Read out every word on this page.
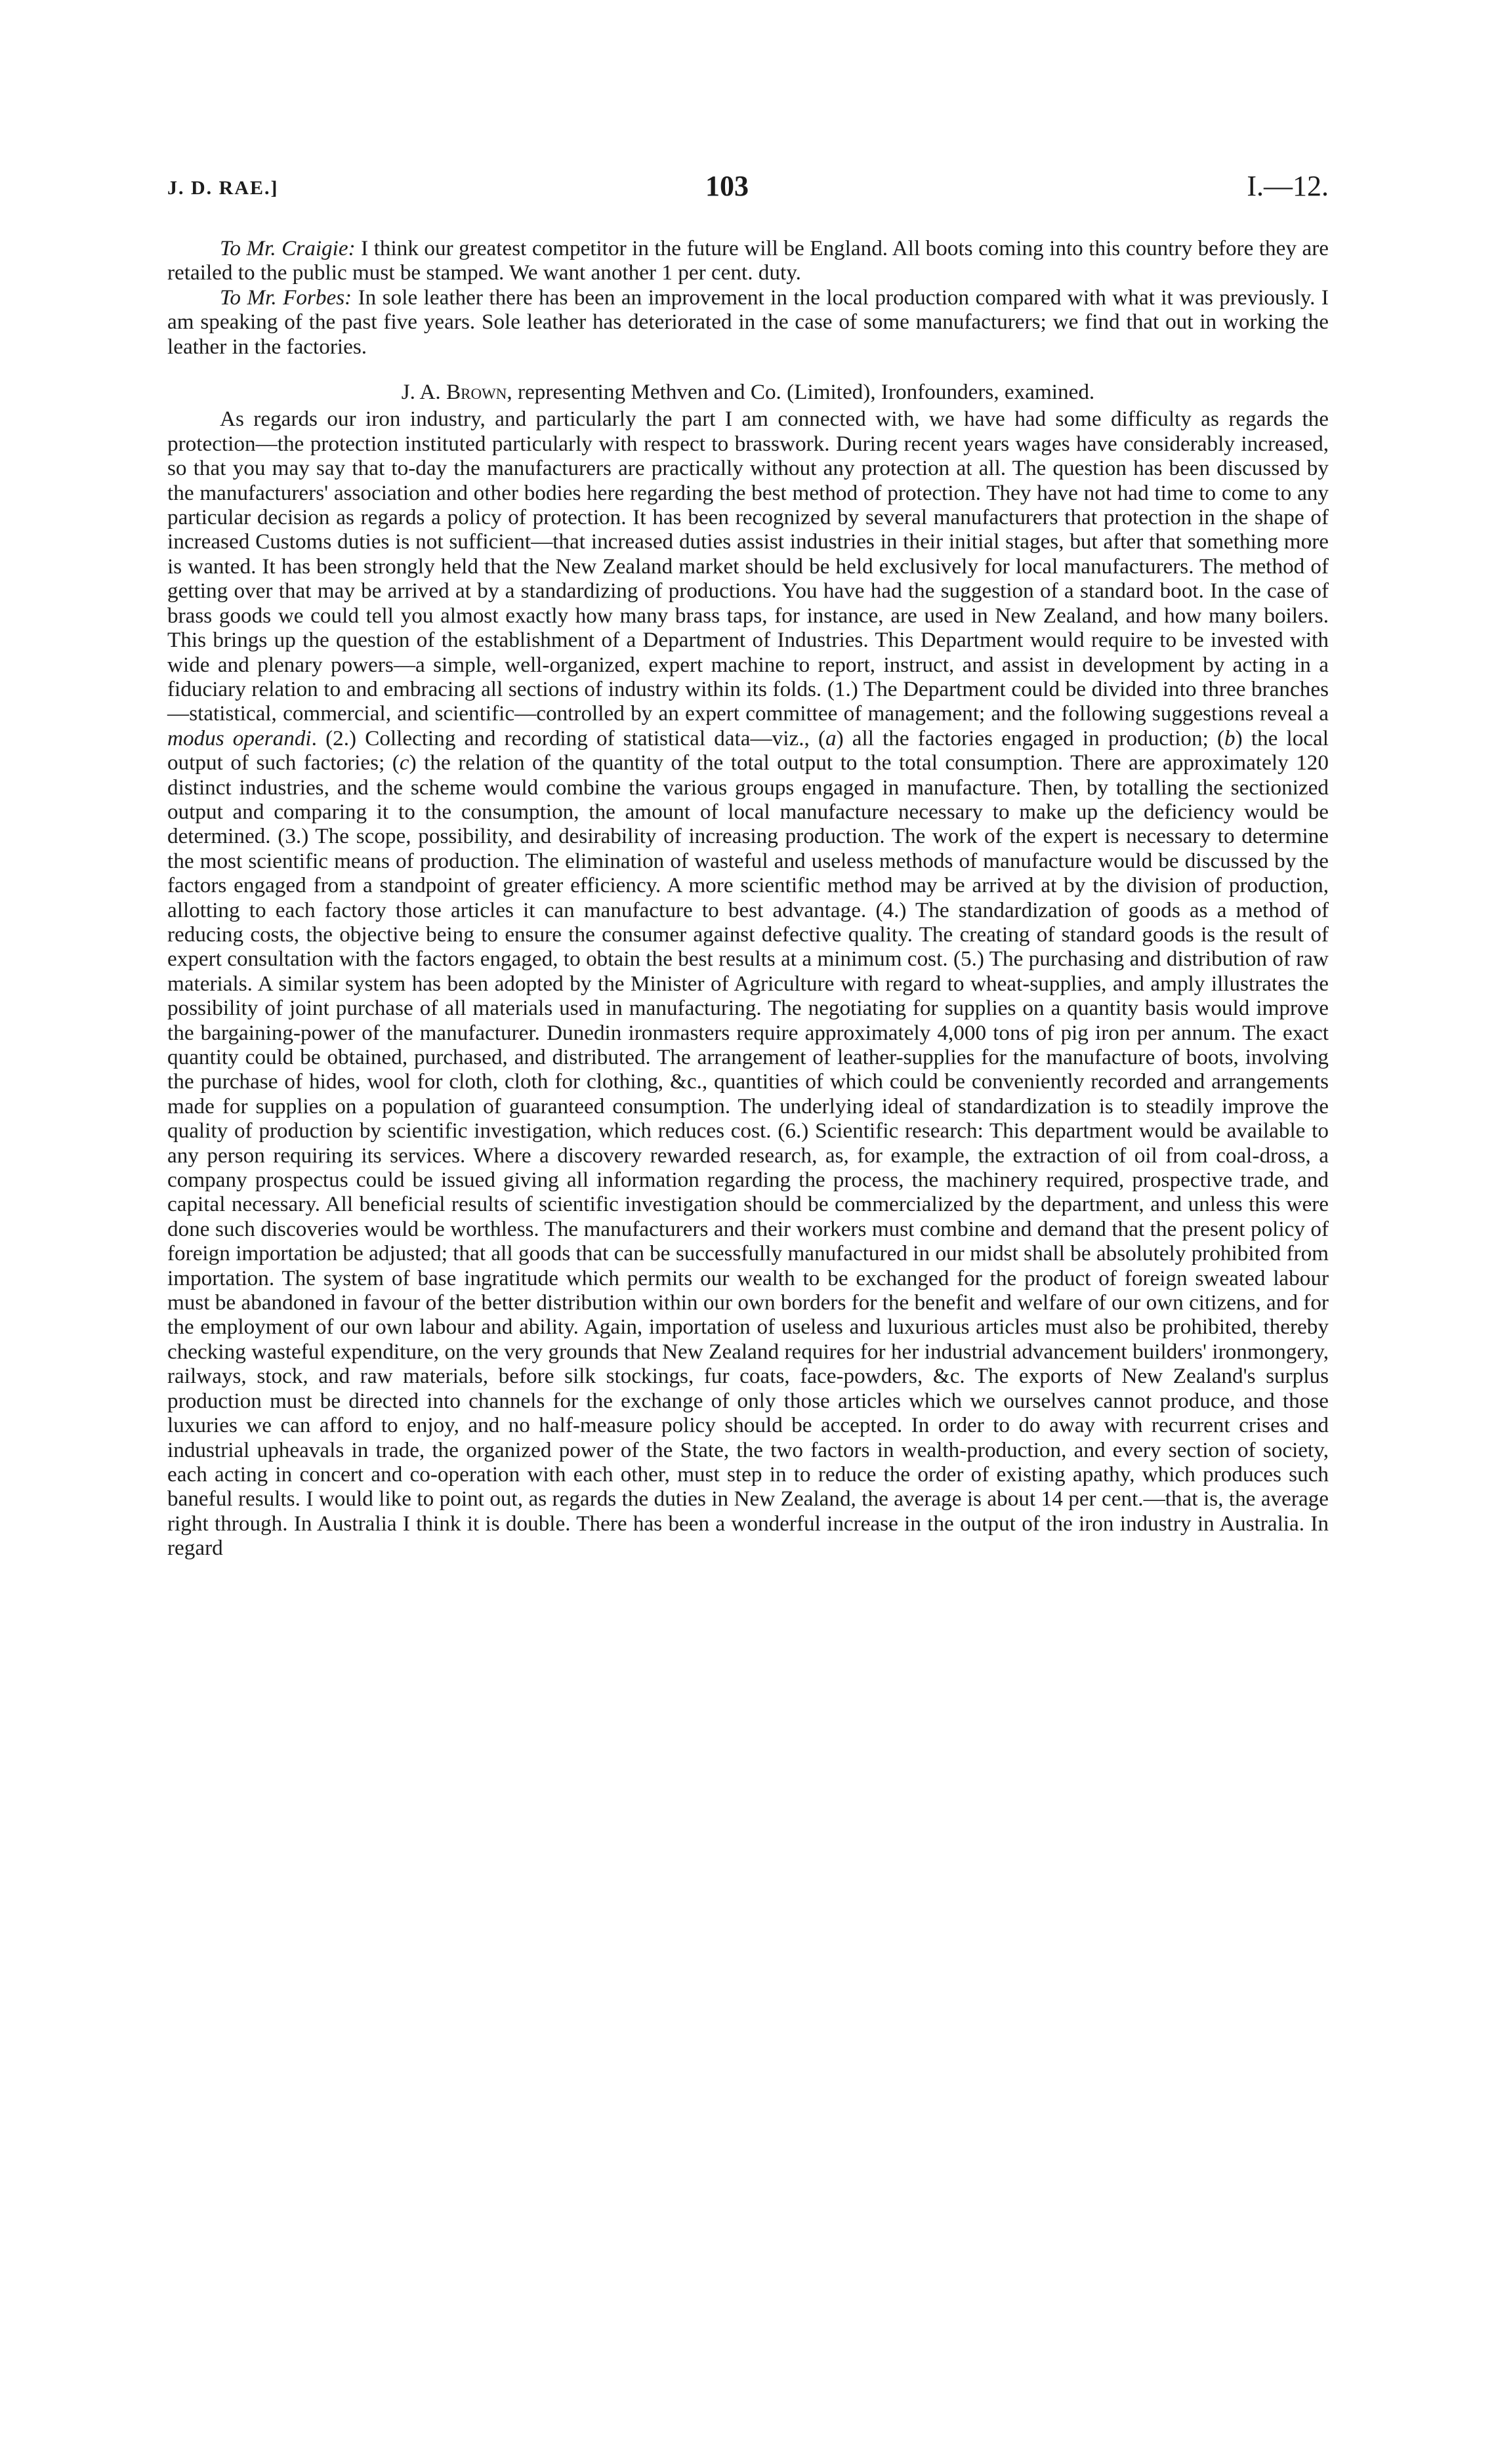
J. D. RAE.]	103	I.—12.

To Mr. Craigie: I think our greatest competitor in the future will be England. All boots coming into this country before they are retailed to the public must be stamped. We want another 1 per cent. duty.

To Mr. Forbes: In sole leather there has been an improvement in the local production compared with what it was previously. I am speaking of the past five years. Sole leather has deteriorated in the case of some manufacturers; we find that out in working the leather in the factories.

J. A. Brown, representing Methven and Co. (Limited), Ironfounders, examined.

As regards our iron industry, and particularly the part I am connected with, we have had some difficulty as regards the protection—the protection instituted particularly with respect to brasswork. During recent years wages have considerably increased, so that you may say that to-day the manufacturers are practically without any protection at all. The question has been discussed by the manufacturers' association and other bodies here regarding the best method of protection. They have not had time to come to any particular decision as regards a policy of protection. It has been recognized by several manufacturers that protection in the shape of increased Customs duties is not sufficient—that increased duties assist industries in their initial stages, but after that something more is wanted. It has been strongly held that the New Zealand market should be held exclusively for local manufacturers. The method of getting over that may be arrived at by a standardizing of productions. You have had the suggestion of a standard boot. In the case of brass goods we could tell you almost exactly how many brass taps, for instance, are used in New Zealand, and how many boilers. This brings up the question of the establishment of a Department of Industries. This Department would require to be invested with wide and plenary powers—a simple, well-organized, expert machine to report, instruct, and assist in development by acting in a fiduciary relation to and embracing all sections of industry within its folds. (1.) The Department could be divided into three branches—statistical, commercial, and scientific—controlled by an expert committee of management; and the following suggestions reveal a modus operandi. (2.) Collecting and recording of statistical data—viz., (a) all the factories engaged in production; (b) the local output of such factories; (c) the relation of the quantity of the total output to the total consumption. There are approximately 120 distinct industries, and the scheme would combine the various groups engaged in manufacture. Then, by totalling the sectionized output and comparing it to the consumption, the amount of local manufacture necessary to make up the deficiency would be determined. (3.) The scope, possibility, and desirability of increasing production. The work of the expert is necessary to determine the most scientific means of production. The elimination of wasteful and useless methods of manufacture would be discussed by the factors engaged from a standpoint of greater efficiency. A more scientific method may be arrived at by the division of production, allotting to each factory those articles it can manufacture to best advantage. (4.) The standardization of goods as a method of reducing costs, the objective being to ensure the consumer against defective quality. The creating of standard goods is the result of expert consultation with the factors engaged, to obtain the best results at a minimum cost. (5.) The purchasing and distribution of raw materials. A similar system has been adopted by the Minister of Agriculture with regard to wheat-supplies, and amply illustrates the possibility of joint purchase of all materials used in manufacturing. The negotiating for supplies on a quantity basis would improve the bargaining-power of the manufacturer. Dunedin ironmasters require approximately 4,000 tons of pig iron per annum. The exact quantity could be obtained, purchased, and distributed. The arrangement of leather-supplies for the manufacture of boots, involving the purchase of hides, wool for cloth, cloth for clothing, &c., quantities of which could be conveniently recorded and arrangements made for supplies on a population of guaranteed consumption. The underlying ideal of standardization is to steadily improve the quality of production by scientific investigation, which reduces cost. (6.) Scientific research: This department would be available to any person requiring its services. Where a discovery rewarded research, as, for example, the extraction of oil from coal-dross, a company prospectus could be issued giving all information regarding the process, the machinery required, prospective trade, and capital necessary. All beneficial results of scientific investigation should be commercialized by the department, and unless this were done such discoveries would be worthless. The manufacturers and their workers must combine and demand that the present policy of foreign importation be adjusted; that all goods that can be successfully manufactured in our midst shall be absolutely prohibited from importation. The system of base ingratitude which permits our wealth to be exchanged for the product of foreign sweated labour must be abandoned in favour of the better distribution within our own borders for the benefit and welfare of our own citizens, and for the employment of our own labour and ability. Again, importation of useless and luxurious articles must also be prohibited, thereby checking wasteful expenditure, on the very grounds that New Zealand requires for her industrial advancement builders' ironmongery, railways, stock, and raw materials, before silk stockings, fur coats, face-powders, &c. The exports of New Zealand's surplus production must be directed into channels for the exchange of only those articles which we ourselves cannot produce, and those luxuries we can afford to enjoy, and no half-measure policy should be accepted. In order to do away with recurrent crises and industrial upheavals in trade, the organized power of the State, the two factors in wealth-production, and every section of society, each acting in concert and co-operation with each other, must step in to reduce the order of existing apathy, which produces such baneful results. I would like to point out, as regards the duties in New Zealand, the average is about 14 per cent.—that is, the average right through. In Australia I think it is double. There has been a wonderful increase in the output of the iron industry in Australia. In regard
